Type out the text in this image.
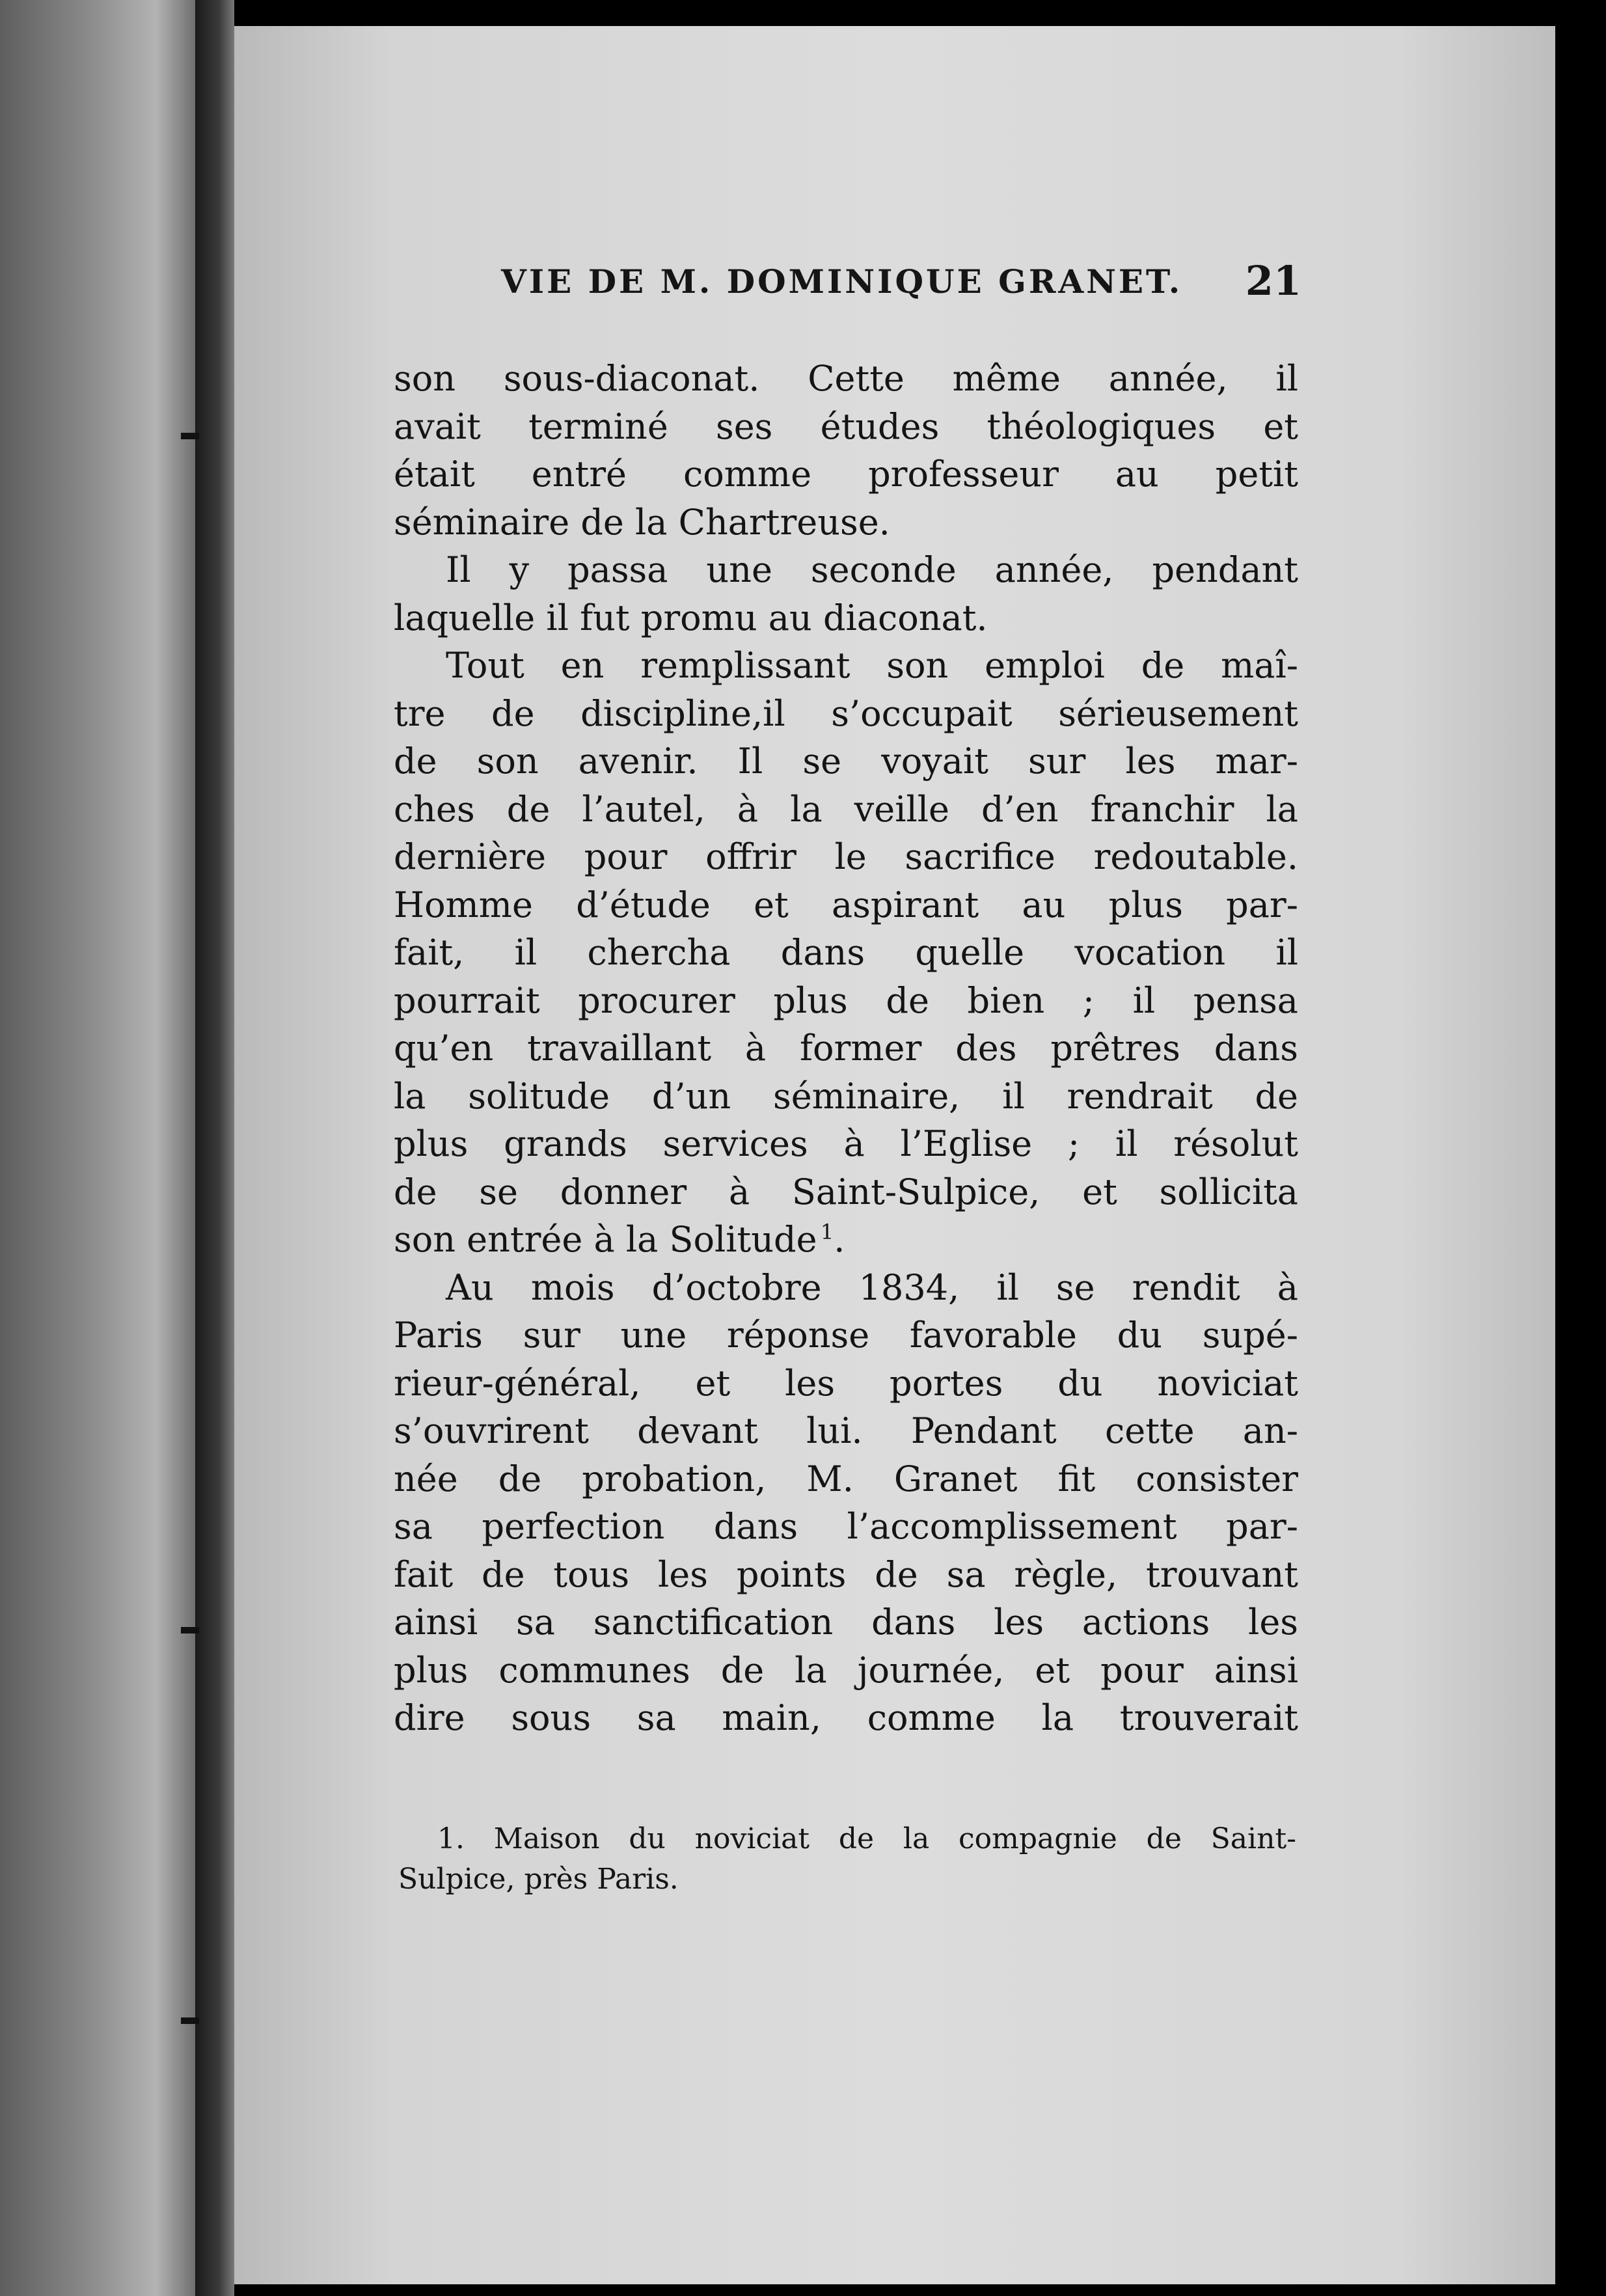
VIE DE M. DOMINIQUE GRANET. 21

son sous-diaconat. Cette même année, il
avait terminé ses études théologiques et
était entré comme professeur au petit
séminaire de la Chartreuse.

Il y passa une seconde année, pendant
laquelle il fut promu au diaconat.

Tout en remplissant son emploi de maî-
tre de discipline,il s’occupait sérieusement
de son avenir. Il se voyait sur les mar-
ches de l’autel, à la veille d’en franchir la
dernière pour offrir le sacrifice redoutable.
Homme d’étude et aspirant au plus par-
fait, il chercha dans quelle vocation il
pourrait procurer plus de bien ; il pensa
qu’en travaillant à former des prêtres dans
la solitude d’un séminaire, il rendrait de
plus grands services à l’Eglise ; il résolut
de se donner à Saint-Sulpice, et sollicita
son entrée à la Solitude  $^1$.

Au mois d’octobre 1834, il se rendit à
Paris sur une réponse favorable du supé-
rieur-général, et les portes du noviciat
s’ouvrirent devant lui. Pendant cette an-
née de probation, M. Granet fit consister
sa perfection dans l’accomplissement par-
fait de tous les points de sa règle, trouvant
ainsi sa sanctification dans les actions les
plus communes de la journée, et pour ainsi
dire sous sa main, comme la trouverait

1. Maison du noviciat de la compagnie de Saint-
Sulpice, près Paris.
